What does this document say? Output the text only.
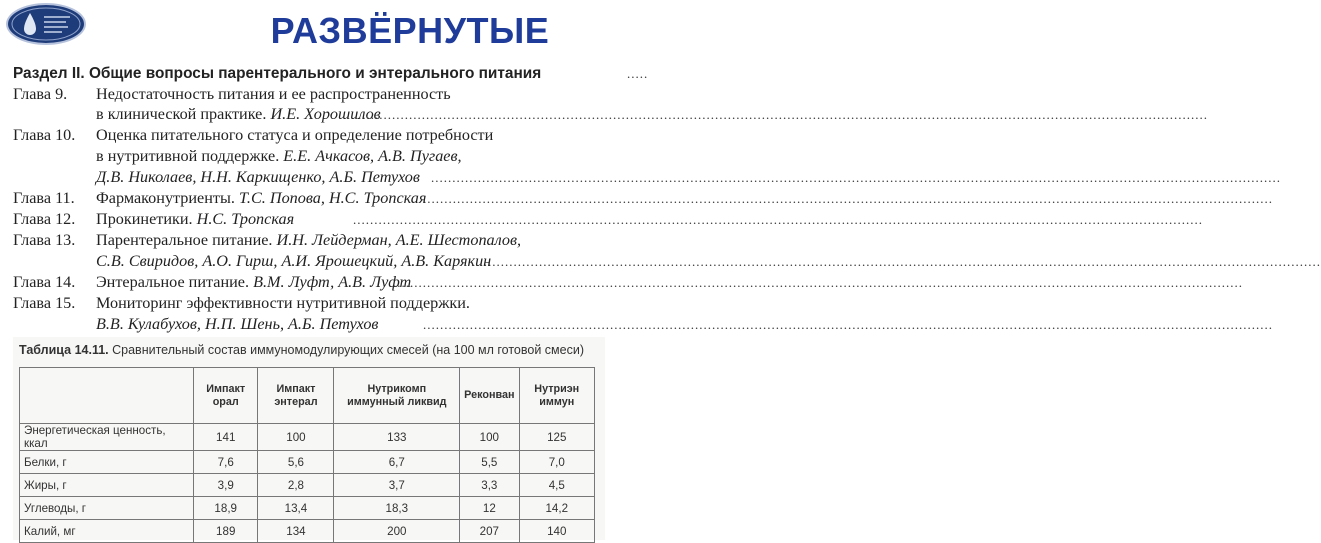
РАЗВЁРНУТЫЕ
Раздел II. Общие вопросы парентерального и энтерального питания	.....
Глава 9.	Недостаточность питания и ее распространенность
в клинической практике. И.Е. Хорошилов
........................................................................................................................................................................................................
Глава 10.	Оценка питательного статуса и определение потребности
в нутритивной поддержке. Е.Е. Ачкасов, А.В. Пугаев,
Д.В. Николаев, Н.Н. Каркищенко, А.Б. Петухов ........................................................................................................................................................................................................
Глава 11.	Фармаконутриенты. Т.С. Попова, Н.С. Тропская
........................................................................................................................................................................................................
Глава 12.	Прокинетики. Н.С. Тропская	........................................................................................................................................................................................................
Глава 13.	Парентеральное питание. И.Н. Лейдерман, А.Е. Шестопалов,
С.В. Свиридов, А.О. Гирш, А.И. Ярошецкий, А.В. Карякин
........................................................................................................................................................................................................
Глава 14.	Энтеральное питание. В.М. Луфт, А.В. Луфт
........................................................................................................................................................................................................
Глава 15.	Мониторинг эффективности нутритивной поддержки.
В.В. Кулабухов, Н.П. Шень, А.Б. Петухов	........................................................................................................................................................................................................
Таблица 14.11. Сравнительный состав иммуномодулирующих смесей (на 100 мл готовой смеси)
	Импакт орал	Импакт энтерал	Нутрикомп иммунный ликвид	Реконван	Нутриэн иммун
Энергетическая ценность, ккал	141	100	133	100	125
Белки, г	7,6	5,6	6,7	5,5	7,0
Жиры, г	3,9	2,8	3,7	3,3	4,5
Углеводы, г	18,9	13,4	18,3	12	14,2
Калий, мг	189	134	200	207	140
